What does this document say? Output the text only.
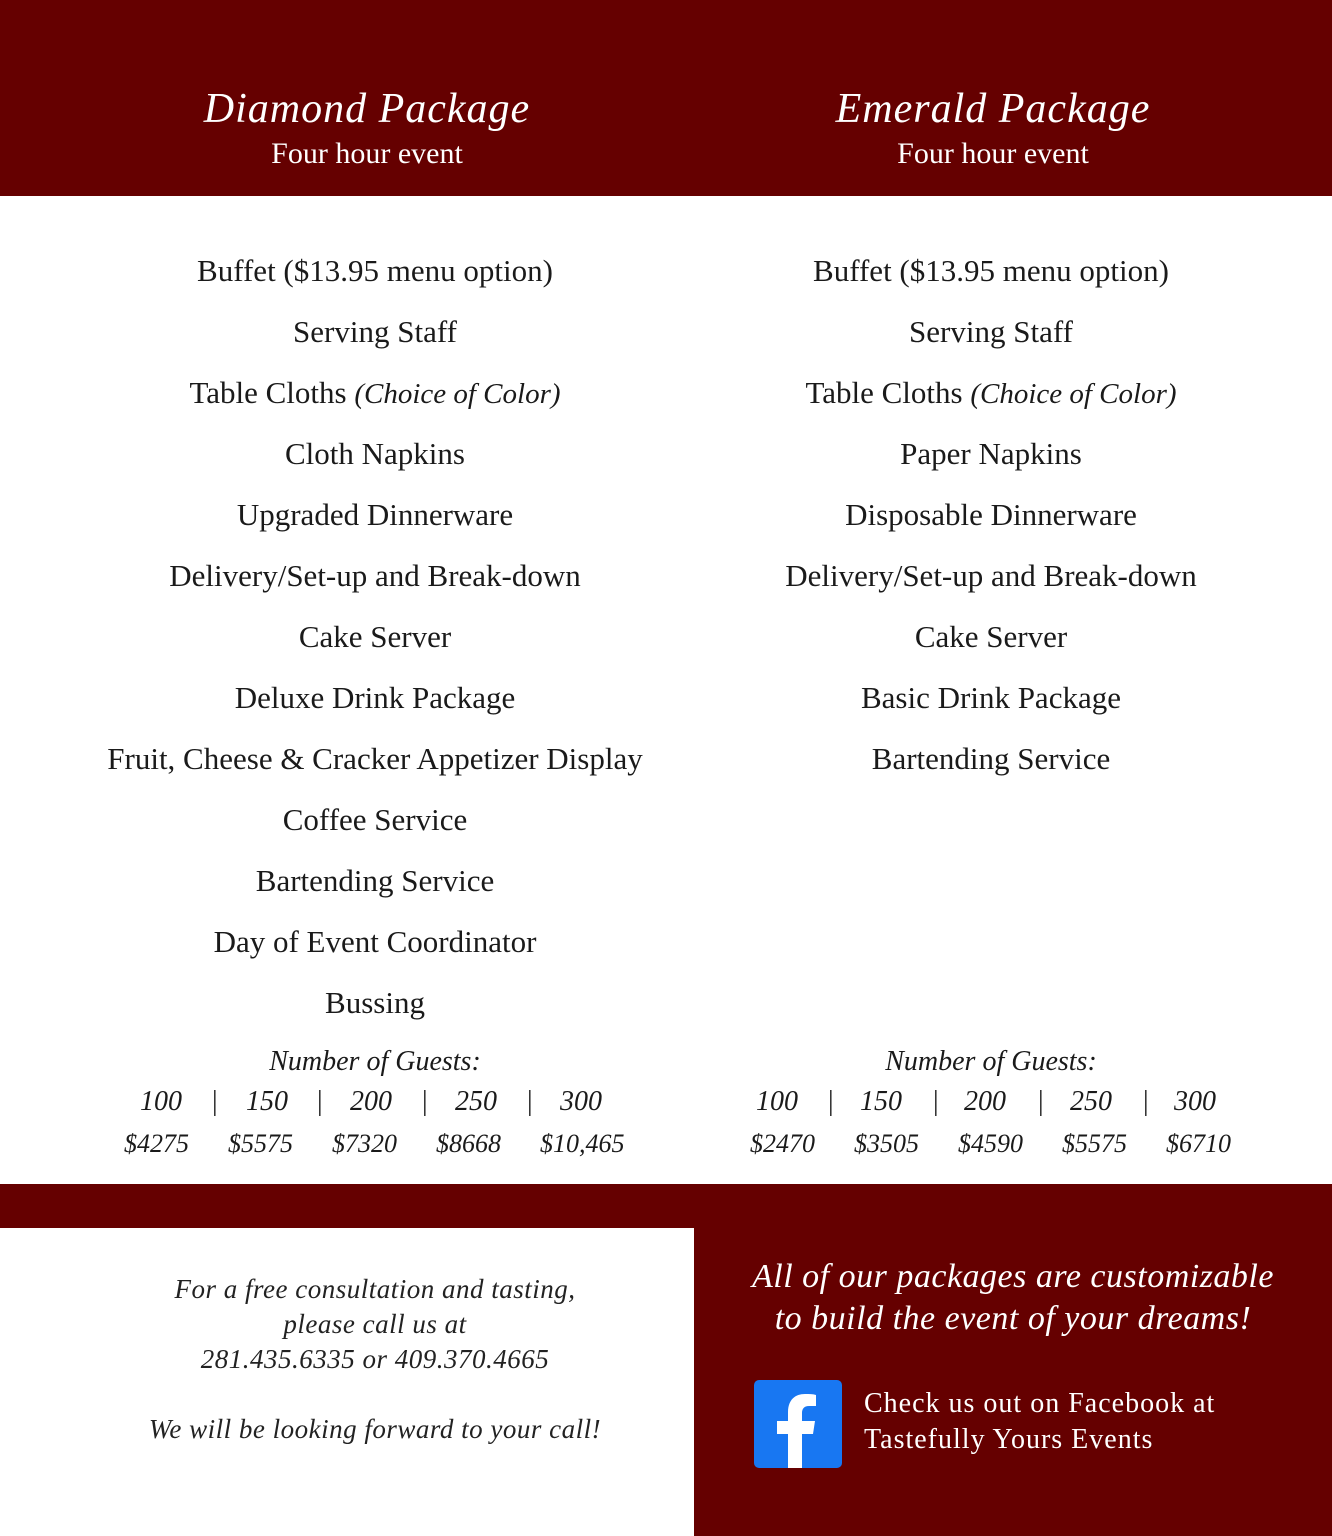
Diamond Package
Four hour event
Emerald Package
Four hour event
Buffet ($13.95 menu option)
Serving Staff
Table Cloths (Choice of Color)
Cloth Napkins
Upgraded Dinnerware
Delivery/Set-up and Break-down
Cake Server
Deluxe Drink Package
Fruit, Cheese & Cracker Appetizer Display
Coffee Service
Bartending Service
Day of Event Coordinator
Bussing
Buffet ($13.95 menu option)
Serving Staff
Table Cloths (Choice of Color)
Paper Napkins
Disposable Dinnerware
Delivery/Set-up and Break-down
Cake Server
Basic Drink Package
Bartending Service
Number of Guests:
100 | 150 | 200 | 250 | 300
$4275 $5575 $7320 $8668 $10,465
Number of Guests:
100 | 150 | 200 | 250 | 300
$2470 $3505 $4590 $5575 $6710

For a free consultation and tasting,

please call us at

281.435.6335 or 409.370.4665

We will be looking forward to your call!

All of our packages are customizable

to build the event of your dreams!

Check us out on Facebook at

Tastefully Yours Events
